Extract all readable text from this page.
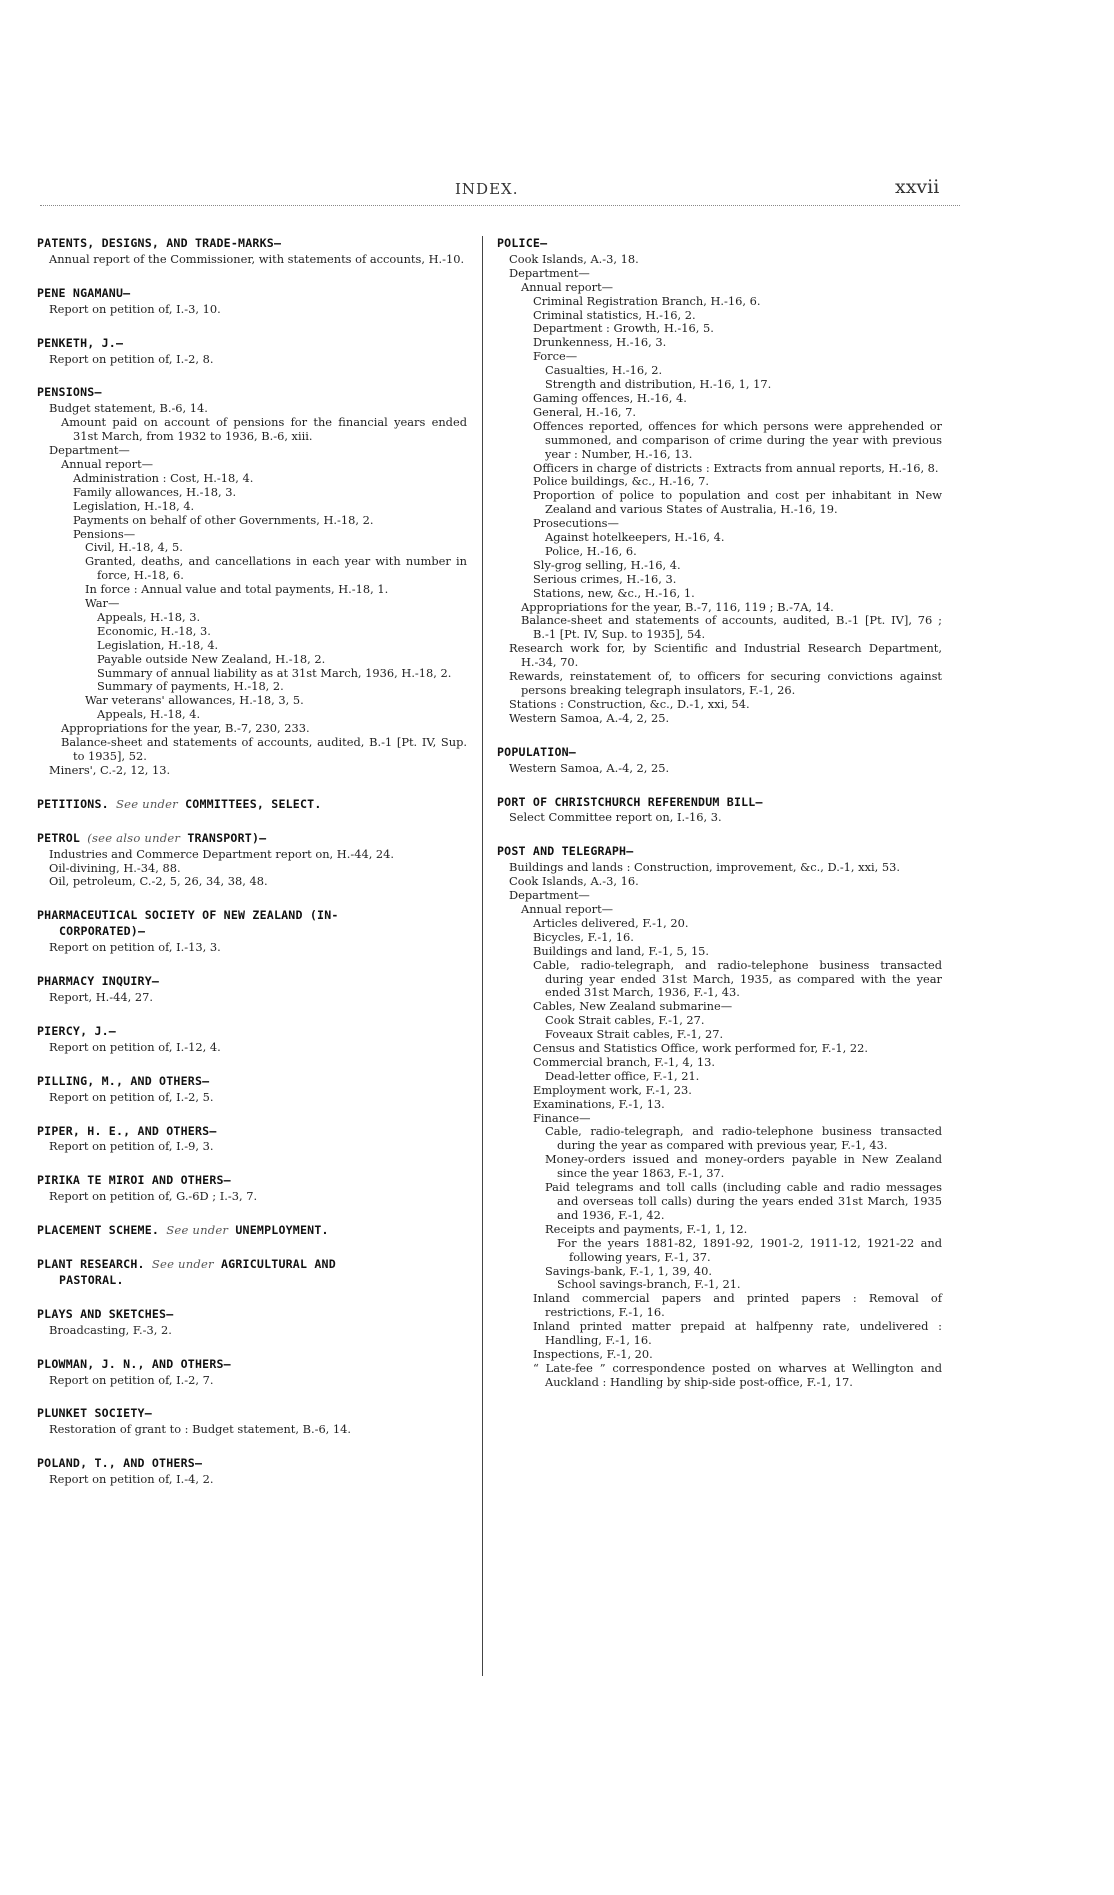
INDEX.	xxvii
PATENTS, DESIGNS, AND TRADE-MARKS—
Annual report of the Commissioner, with statements of accounts, H.-10.
PENE NGAMANU—
Report on petition of, I.-3, 10.
PENKETH, J.—
Report on petition of, I.-2, 8.
PENSIONS—
Budget statement, B.-6, 14.
Amount paid on account of pensions for the financial years ended 31st March, from 1932 to 1936, B.-6, xiii.
Department—
Annual report—
Administration : Cost, H.-18, 4.
Family allowances, H.-18, 3.
Legislation, H.-18, 4.
Payments on behalf of other Governments, H.-18, 2.
Pensions—
Civil, H.-18, 4, 5.
Granted, deaths, and cancellations in each year with number in force, H.-18, 6.
In force : Annual value and total payments, H.-18, 1.
War—
Appeals, H.-18, 3.
Economic, H.-18, 3.
Legislation, H.-18, 4.
Payable outside New Zealand, H.-18, 2.
Summary of annual liability as at 31st March, 1936, H.-18, 2.
Summary of payments, H.-18, 2.
War veterans' allowances, H.-18, 3, 5.
Appeals, H.-18, 4.
Appropriations for the year, B.-7, 230, 233.
Balance-sheet and statements of accounts, audited, B.-1 [Pt. IV, Sup. to 1935], 52.
Miners', C.-2, 12, 13.
PETITIONS. See under COMMITTEES, SELECT.
PETROL (see also under TRANSPORT)—
Industries and Commerce Department report on, H.-44, 24.
Oil-divining, H.-34, 88.
Oil, petroleum, C.-2, 5, 26, 34, 38, 48.
PHARMACEUTICAL SOCIETY OF NEW ZEALAND (IN-
CORPORATED)—
Report on petition of, I.-13, 3.
PHARMACY INQUIRY—
Report, H.-44, 27.
PIERCY, J.—
Report on petition of, I.-12, 4.
PILLING, M., AND OTHERS—
Report on petition of, I.-2, 5.
PIPER, H. E., AND OTHERS—
Report on petition of, I.-9, 3.
PIRIKA TE MIROI AND OTHERS—
Report on petition of, G.-6D ; I.-3, 7.
PLACEMENT SCHEME. See under UNEMPLOYMENT.
PLANT RESEARCH. See under AGRICULTURAL AND
PASTORAL.
PLAYS AND SKETCHES—
Broadcasting, F.-3, 2.
PLOWMAN, J. N., AND OTHERS—
Report on petition of, I.-2, 7.
PLUNKET SOCIETY—
Restoration of grant to : Budget statement, B.-6, 14.
POLAND, T., AND OTHERS—
Report on petition of, I.-4, 2.
POLICE—
Cook Islands, A.-3, 18.
Department—
Annual report—
Criminal Registration Branch, H.-16, 6.
Criminal statistics, H.-16, 2.
Department : Growth, H.-16, 5.
Drunkenness, H.-16, 3.
Force—
Casualties, H.-16, 2.
Strength and distribution, H.-16, 1, 17.
Gaming offences, H.-16, 4.
General, H.-16, 7.
Offences reported, offences for which persons were apprehended or summoned, and comparison of crime during the year with previous year : Number, H.-16, 13.
Officers in charge of districts : Extracts from annual reports, H.-16, 8.
Police buildings, &c., H.-16, 7.
Proportion of police to population and cost per inhabitant in New Zealand and various States of Australia, H.-16, 19.
Prosecutions—
Against hotelkeepers, H.-16, 4.
Police, H.-16, 6.
Sly-grog selling, H.-16, 4.
Serious crimes, H.-16, 3.
Stations, new, &c., H.-16, 1.
Appropriations for the year, B.-7, 116, 119 ; B.-7A, 14.
Balance-sheet and statements of accounts, audited, B.-1 [Pt. IV], 76 ; B.-1 [Pt. IV, Sup. to 1935], 54.
Research work for, by Scientific and Industrial Research Department, H.-34, 70.
Rewards, reinstatement of, to officers for securing convictions against persons breaking telegraph insulators, F.-1, 26.
Stations : Construction, &c., D.-1, xxi, 54.
Western Samoa, A.-4, 2, 25.
POPULATION—
Western Samoa, A.-4, 2, 25.
PORT OF CHRISTCHURCH REFERENDUM BILL—
Select Committee report on, I.-16, 3.
POST AND TELEGRAPH—
Buildings and lands : Construction, improvement, &c., D.-1, xxi, 53.
Cook Islands, A.-3, 16.
Department—
Annual report—
Articles delivered, F.-1, 20.
Bicycles, F.-1, 16.
Buildings and land, F.-1, 5, 15.
Cable, radio-telegraph, and radio-telephone business transacted during year ended 31st March, 1935, as compared with the year ended 31st March, 1936, F.-1, 43.
Cables, New Zealand submarine—
Cook Strait cables, F.-1, 27.
Foveaux Strait cables, F.-1, 27.
Census and Statistics Office, work performed for, F.-1, 22.
Commercial branch, F.-1, 4, 13.
Dead-letter office, F.-1, 21.
Employment work, F.-1, 23.
Examinations, F.-1, 13.
Finance—
Cable, radio-telegraph, and radio-telephone business transacted during the year as compared with previous year, F.-1, 43.
Money-orders issued and money-orders payable in New Zealand since the year 1863, F.-1, 37.
Paid telegrams and toll calls (including cable and radio messages and overseas toll calls) during the years ended 31st March, 1935 and 1936, F.-1, 42.
Receipts and payments, F.-1, 1, 12.
For the years 1881-82, 1891-92, 1901-2, 1911-12, 1921-22 and following years, F.-1, 37.
Savings-bank, F.-1, 1, 39, 40.
School savings-branch, F.-1, 21.
Inland commercial papers and printed papers : Removal of restrictions, F.-1, 16.
Inland printed matter prepaid at halfpenny rate, undelivered : Handling, F.-1, 16.
Inspections, F.-1, 20.
“ Late-fee ” correspondence posted on wharves at Wellington and Auckland : Handling by ship-side post-office, F.-1, 17.
